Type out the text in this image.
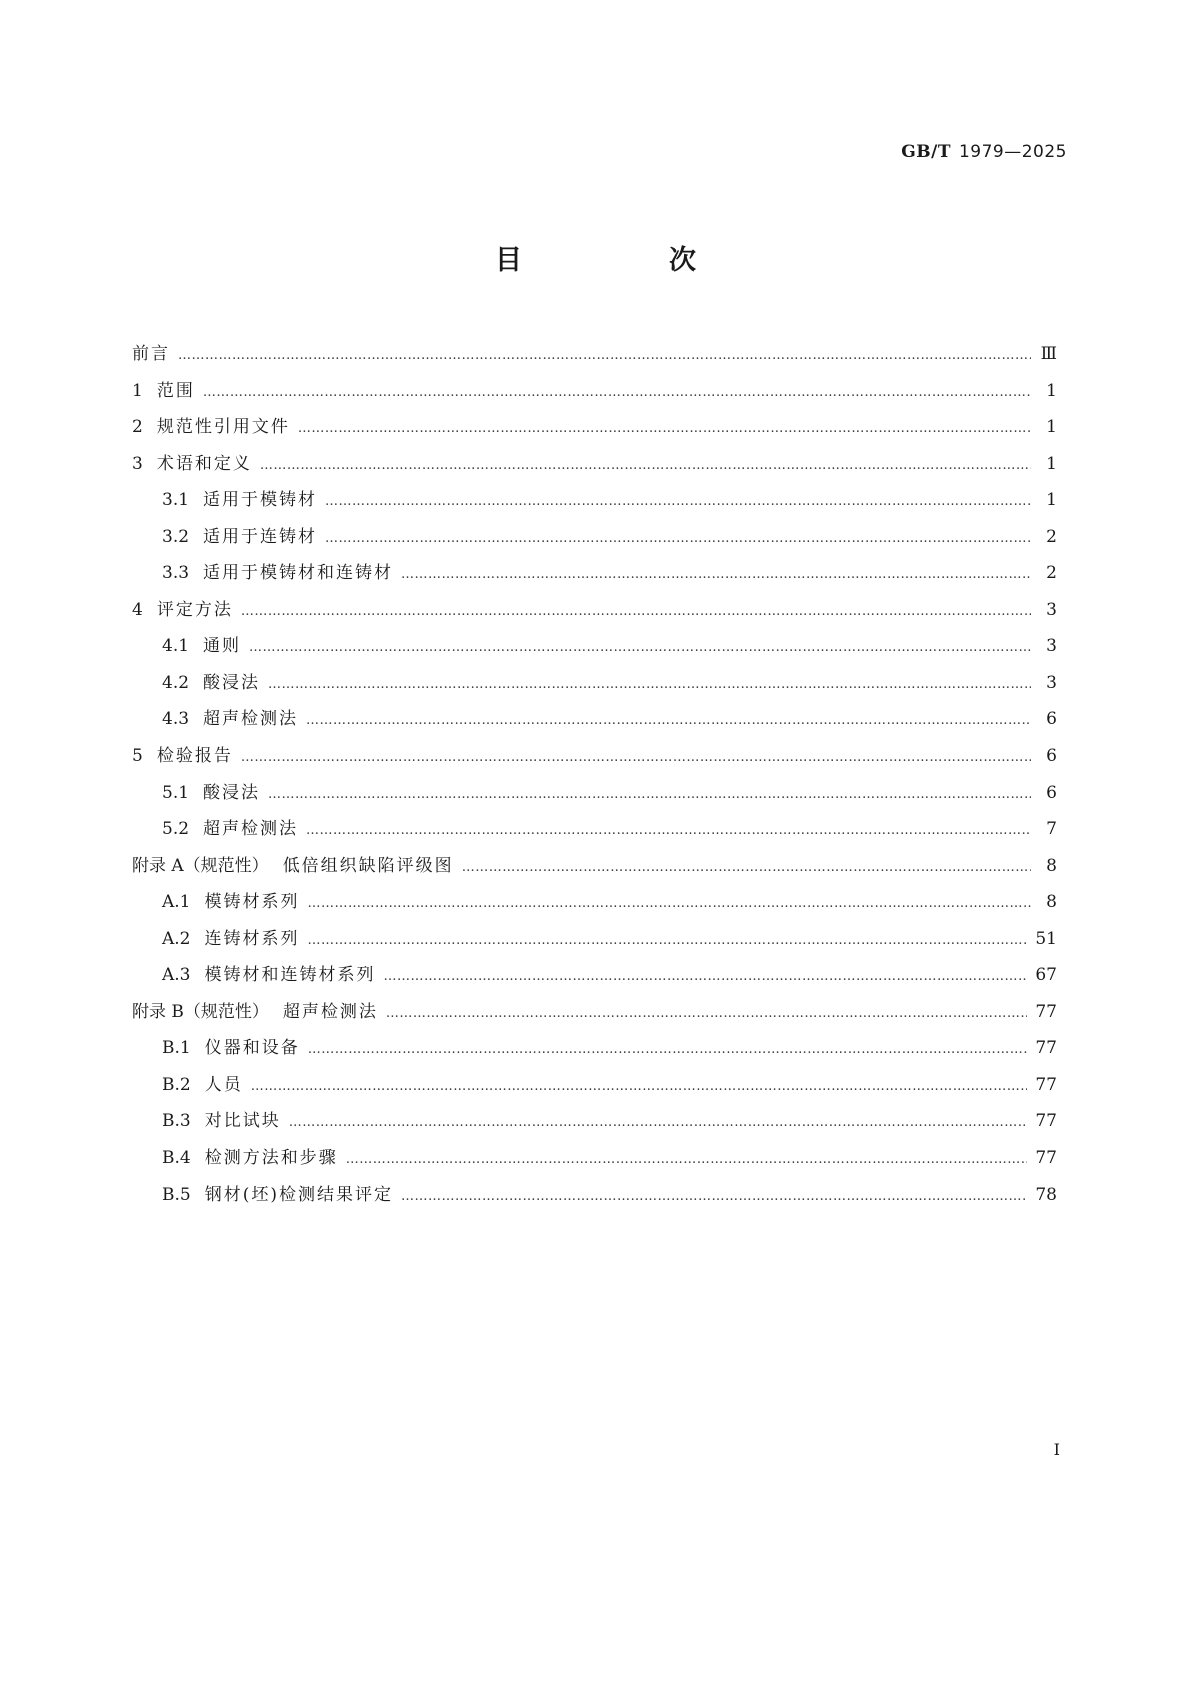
GB/T 1979—2025
目　次
前言 ……………………………………………………………………………………………………………………………………………………………………………………………………………………………………………………………	Ⅲ
1 范围 ……………………………………………………………………………………………………………………………………………………………………………………………………………………………………………………………	1
2 规范性引用文件 ……………………………………………………………………………………………………………………………………………………………………………………………………………………………………………………………	1
3 术语和定义 ……………………………………………………………………………………………………………………………………………………………………………………………………………………………………………………………	1
3.1 适用于模铸材 ……………………………………………………………………………………………………………………………………………………………………………………………………………………………………………………………	1
3.2 适用于连铸材 ……………………………………………………………………………………………………………………………………………………………………………………………………………………………………………………………	2
3.3 适用于模铸材和连铸材 ……………………………………………………………………………………………………………………………………………………………………………………………………………………………………………………………	2
4 评定方法 ……………………………………………………………………………………………………………………………………………………………………………………………………………………………………………………………	3
4.1 通则 ……………………………………………………………………………………………………………………………………………………………………………………………………………………………………………………………	3
4.2 酸浸法 ……………………………………………………………………………………………………………………………………………………………………………………………………………………………………………………………	3
4.3 超声检测法 ……………………………………………………………………………………………………………………………………………………………………………………………………………………………………………………………	6
5 检验报告 ……………………………………………………………………………………………………………………………………………………………………………………………………………………………………………………………	6
5.1 酸浸法 ……………………………………………………………………………………………………………………………………………………………………………………………………………………………………………………………	6
5.2 超声检测法 ……………………………………………………………………………………………………………………………………………………………………………………………………………………………………………………………	7
附录 A（规范性） 低倍组织缺陷评级图 ……………………………………………………………………………………………………………………………………………………………………………………………………………………………………………………………	8
A.1 模铸材系列 ……………………………………………………………………………………………………………………………………………………………………………………………………………………………………………………………	8
A.2 连铸材系列 ……………………………………………………………………………………………………………………………………………………………………………………………………………………………………………………………	51
A.3 模铸材和连铸材系列 ……………………………………………………………………………………………………………………………………………………………………………………………………………………………………………………………	67
附录 B（规范性） 超声检测法 ……………………………………………………………………………………………………………………………………………………………………………………………………………………………………………………………	77
B.1 仪器和设备 ……………………………………………………………………………………………………………………………………………………………………………………………………………………………………………………………	77
B.2 人员 ……………………………………………………………………………………………………………………………………………………………………………………………………………………………………………………………	77
B.3 对比试块 ……………………………………………………………………………………………………………………………………………………………………………………………………………………………………………………………	77
B.4 检测方法和步骤 ……………………………………………………………………………………………………………………………………………………………………………………………………………………………………………………………	77
B.5 钢材(坯)检测结果评定 ……………………………………………………………………………………………………………………………………………………………………………………………………………………………………………………………	78
Ⅰ
